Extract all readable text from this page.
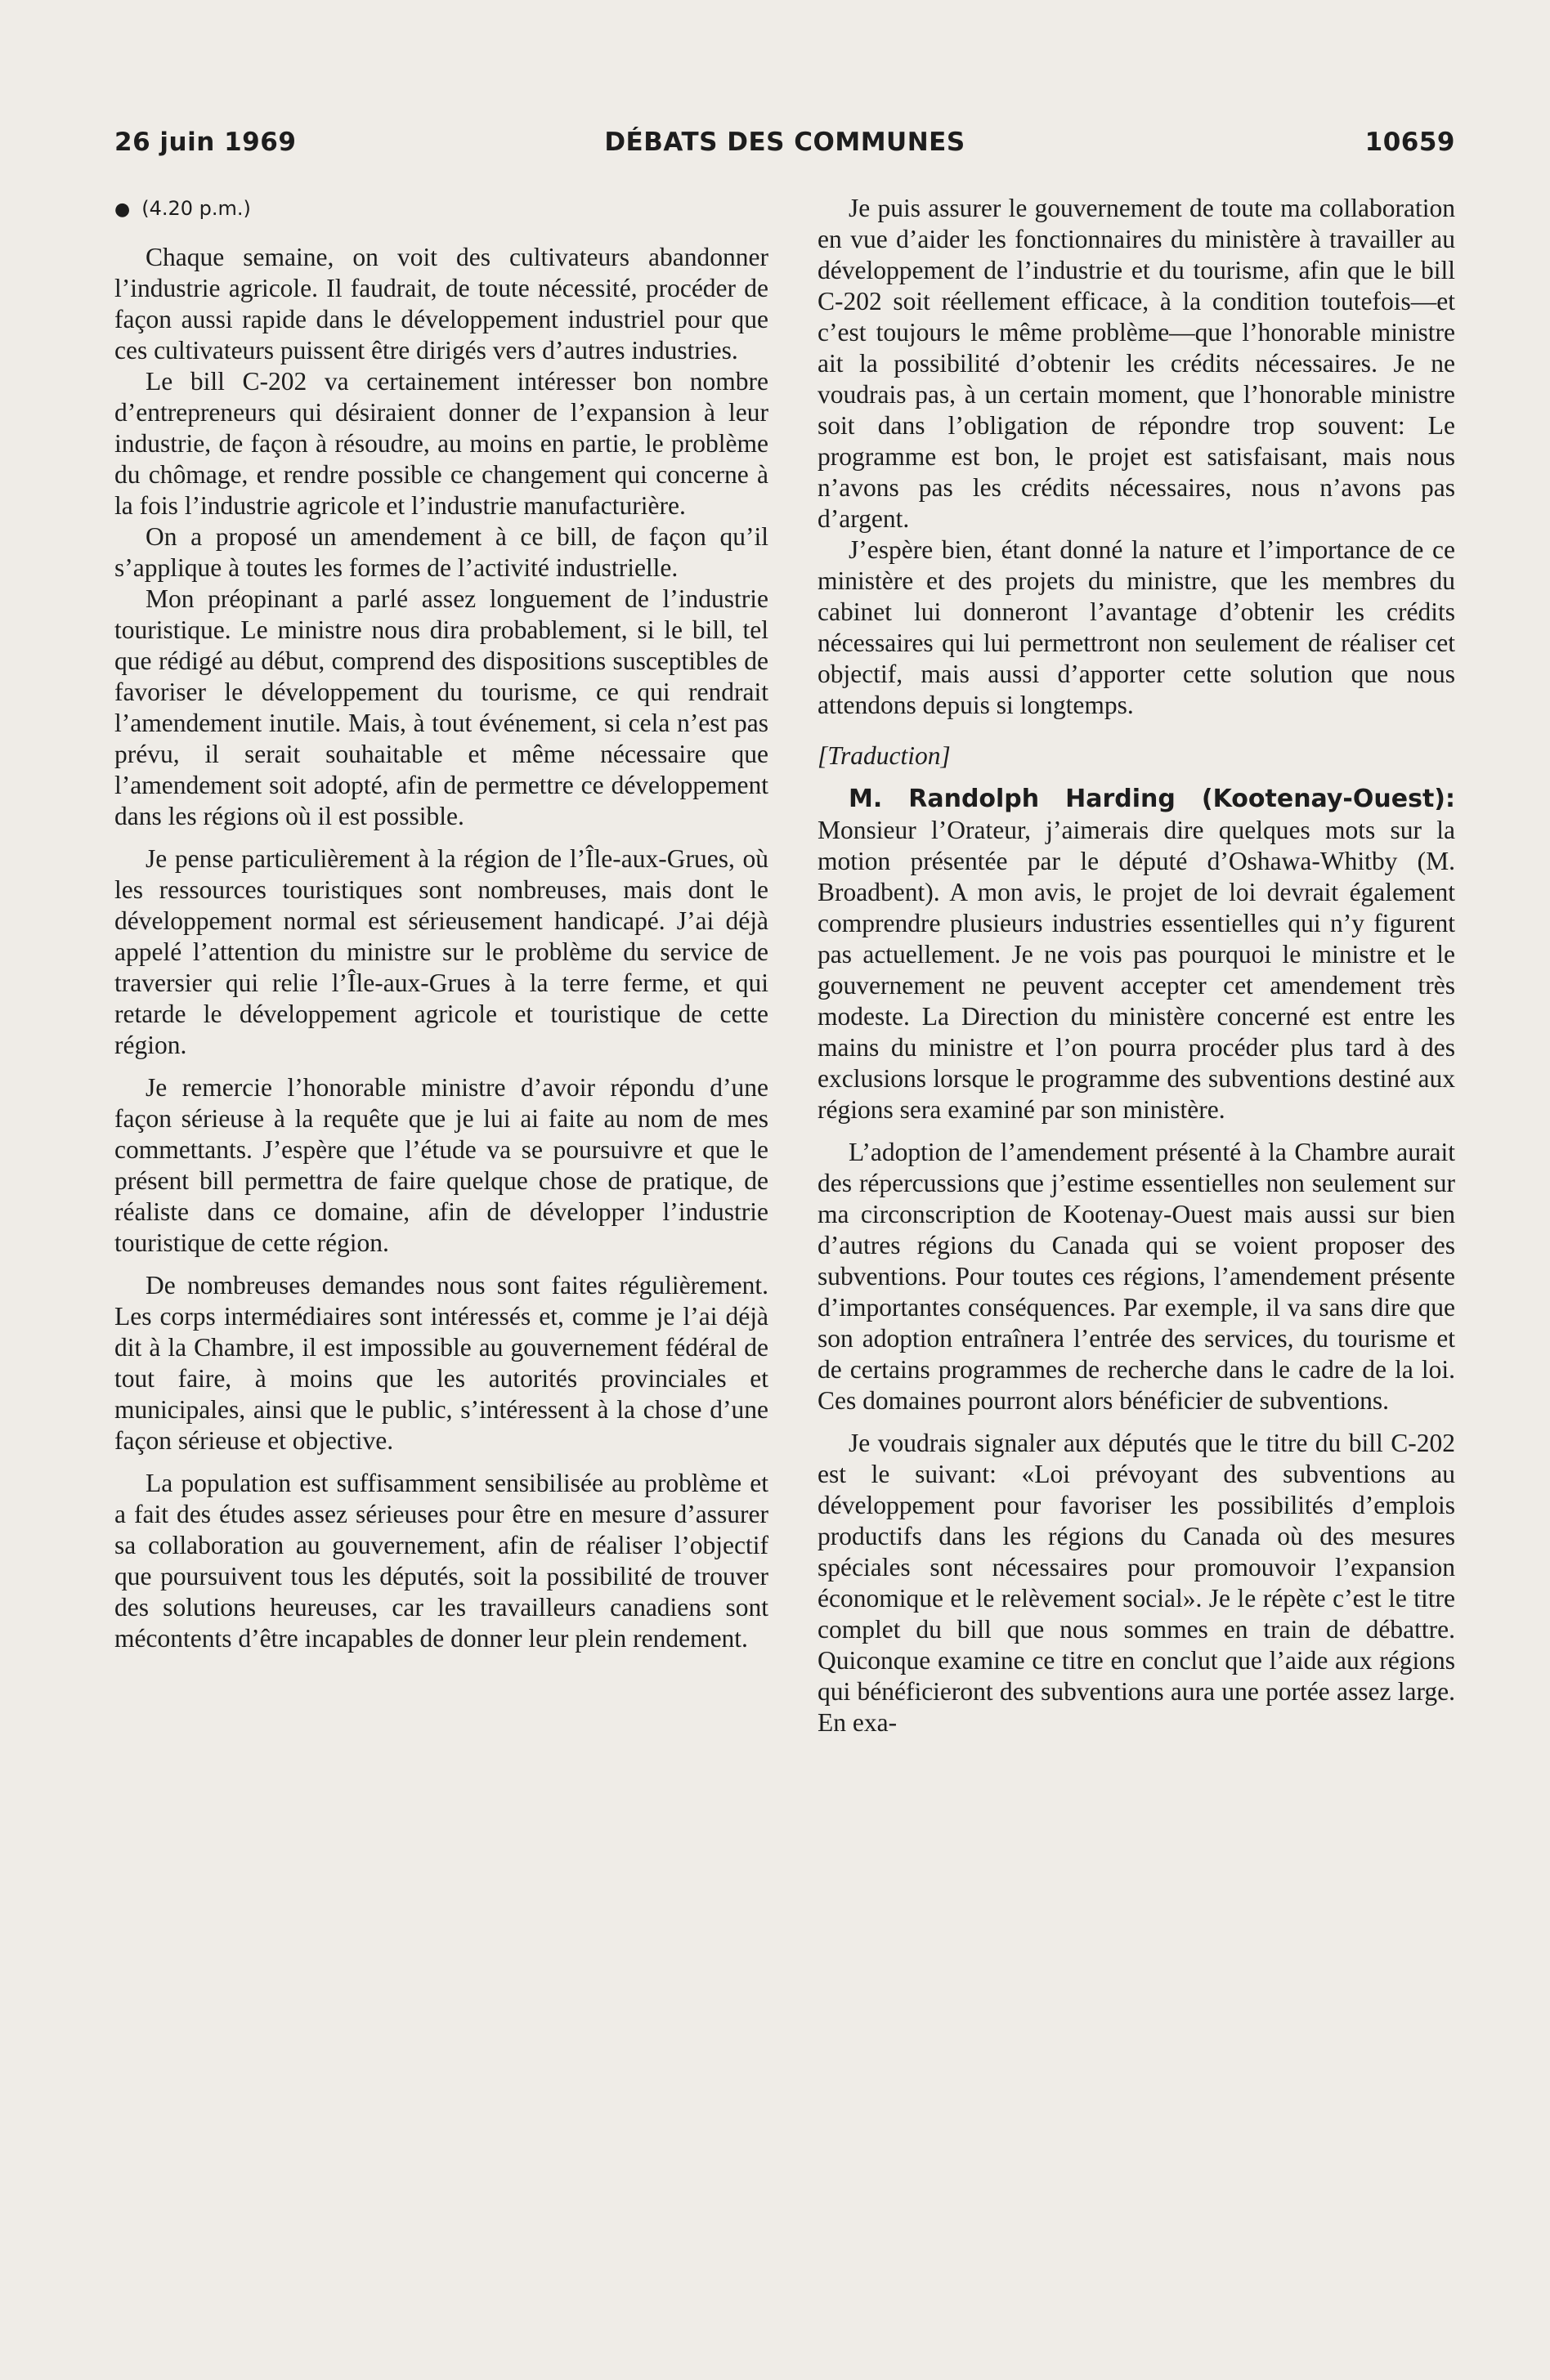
26 juin 1969	DÉBATS DES COMMUNES	10659
● (4.20 p.m.)

Chaque semaine, on voit des cultivateurs abandonner l’industrie agricole. Il faudrait, de toute nécessité, procéder de façon aussi rapide dans le développement industriel pour que ces cultivateurs puissent être dirigés vers d’autres industries.

Le bill C-202 va certainement intéresser bon nombre d’entrepreneurs qui désiraient donner de l’expansion à leur industrie, de façon à résoudre, au moins en partie, le problème du chômage, et rendre possible ce changement qui concerne à la fois l’industrie agricole et l’industrie manufacturière.

On a proposé un amendement à ce bill, de façon qu’il s’applique à toutes les formes de l’activité industrielle.

Mon préopinant a parlé assez longuement de l’industrie touristique. Le ministre nous dira probablement, si le bill, tel que rédigé au début, comprend des dispositions susceptibles de favoriser le développement du tourisme, ce qui rendrait l’amendement inutile. Mais, à tout événement, si cela n’est pas prévu, il serait souhaitable et même nécessaire que l’amendement soit adopté, afin de permettre ce développement dans les régions où il est possible.

Je pense particulièrement à la région de l’Île-aux-Grues, où les ressources touristiques sont nombreuses, mais dont le développement normal est sérieusement handicapé. J’ai déjà appelé l’attention du ministre sur le problème du service de traversier qui relie l’Île-aux-Grues à la terre ferme, et qui retarde le développement agricole et touristique de cette région.

Je remercie l’honorable ministre d’avoir répondu d’une façon sérieuse à la requête que je lui ai faite au nom de mes commettants. J’espère que l’étude va se poursuivre et que le présent bill permettra de faire quelque chose de pratique, de réaliste dans ce domaine, afin de développer l’industrie touristique de cette région.

De nombreuses demandes nous sont faites régulièrement. Les corps intermédiaires sont intéressés et, comme je l’ai déjà dit à la Chambre, il est impossible au gouvernement fédéral de tout faire, à moins que les autorités provinciales et municipales, ainsi que le public, s’intéressent à la chose d’une façon sérieuse et objective.

La population est suffisamment sensibilisée au problème et a fait des études assez sérieuses pour être en mesure d’assurer sa collaboration au gouvernement, afin de réaliser l’objectif que poursuivent tous les députés, soit la possibilité de trouver des solutions heureuses, car les travailleurs canadiens sont mécontents d’être incapables de donner leur plein rendement.

Je puis assurer le gouvernement de toute ma collaboration en vue d’aider les fonctionnaires du ministère à travailler au développement de l’industrie et du tourisme, afin que le bill C-202 soit réellement efficace, à la condition toutefois—et c’est toujours le même problème—que l’honorable ministre ait la possibilité d’obtenir les crédits nécessaires. Je ne voudrais pas, à un certain moment, que l’honorable ministre soit dans l’obligation de répondre trop souvent: Le programme est bon, le projet est satisfaisant, mais nous n’avons pas les crédits nécessaires, nous n’avons pas d’argent.

J’espère bien, étant donné la nature et l’importance de ce ministère et des projets du ministre, que les membres du cabinet lui donneront l’avantage d’obtenir les crédits nécessaires qui lui permettront non seulement de réaliser cet objectif, mais aussi d’apporter cette solution que nous attendons depuis si longtemps.

[Traduction]

M. Randolph Harding (Kootenay-Ouest): Monsieur l’Orateur, j’aimerais dire quelques mots sur la motion présentée par le député d’Oshawa-Whitby (M. Broadbent). A mon avis, le projet de loi devrait également comprendre plusieurs industries essentielles qui n’y figurent pas actuellement. Je ne vois pas pourquoi le ministre et le gouvernement ne peuvent accepter cet amendement très modeste. La Direction du ministère concerné est entre les mains du ministre et l’on pourra procéder plus tard à des exclusions lorsque le programme des subventions destiné aux régions sera examiné par son ministère.

L’adoption de l’amendement présenté à la Chambre aurait des répercussions que j’estime essentielles non seulement sur ma circonscription de Kootenay-Ouest mais aussi sur bien d’autres régions du Canada qui se voient proposer des subventions. Pour toutes ces régions, l’amendement présente d’importantes conséquences. Par exemple, il va sans dire que son adoption entraînera l’entrée des services, du tourisme et de certains programmes de recherche dans le cadre de la loi. Ces domaines pourront alors bénéficier de subventions.

Je voudrais signaler aux députés que le titre du bill C-202 est le suivant: «Loi prévoyant des subventions au développement pour favoriser les possibilités d’emplois productifs dans les régions du Canada où des mesures spéciales sont nécessaires pour promouvoir l’expansion économique et le relèvement social». Je le répète c’est le titre complet du bill que nous sommes en train de débattre. Quiconque examine ce titre en conclut que l’aide aux régions qui bénéficieront des subventions aura une portée assez large. En exa-
